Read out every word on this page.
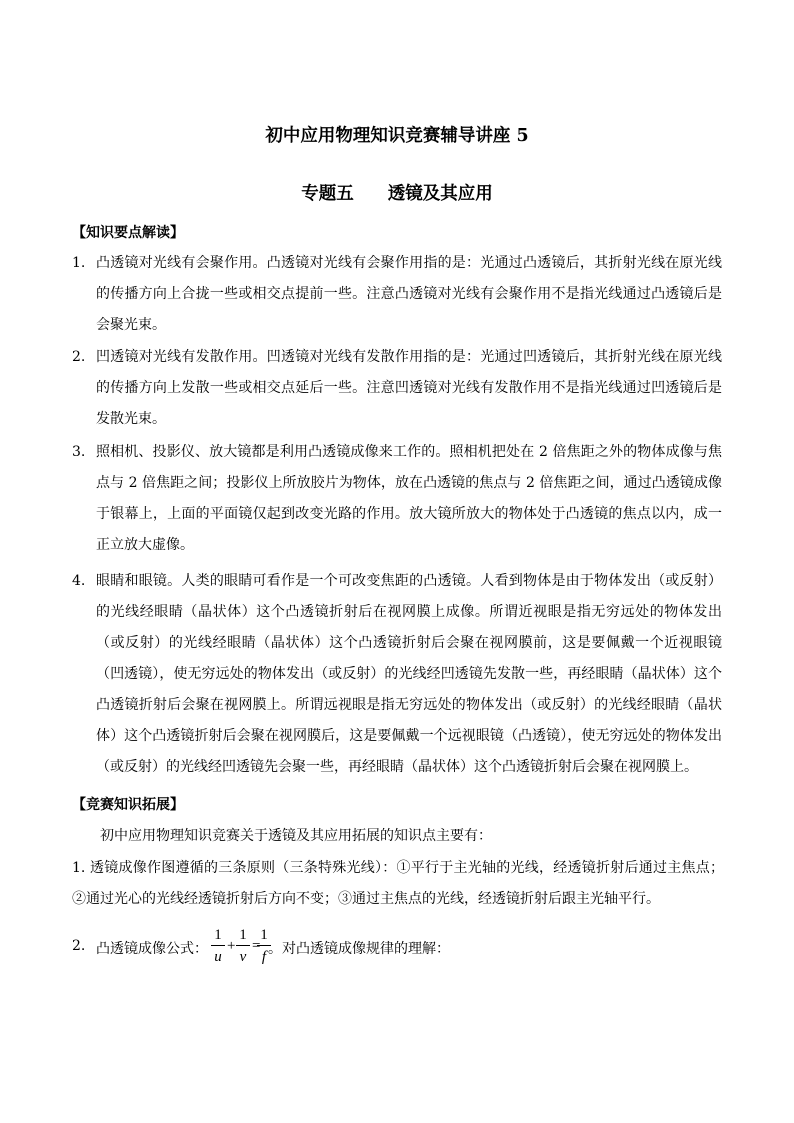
初中应用物理知识竞赛辅导讲座 5
专题五 透镜及其应用
【知识要点解读】
1. 凸透镜对光线有会聚作用。凸透镜对光线有会聚作用指的是：光通过凸透镜后，其折射光线在原光线的传播方向上合拢一些或相交点提前一些。注意凸透镜对光线有会聚作用不是指光线通过凸透镜后是会聚光束。
2. 凹透镜对光线有发散作用。凹透镜对光线有发散作用指的是：光通过凹透镜后，其折射光线在原光线的传播方向上发散一些或相交点延后一些。注意凹透镜对光线有发散作用不是指光线通过凹透镜后是发散光束。
3. 照相机、投影仪、放大镜都是利用凸透镜成像来工作的。照相机把处在 2 倍焦距之外的物体成像与焦点与 2 倍焦距之间；投影仪上所放胶片为物体，放在凸透镜的焦点与 2 倍焦距之间，通过凸透镜成像于银幕上，上面的平面镜仅起到改变光路的作用。放大镜所放大的物体处于凸透镜的焦点以内，成一正立放大虚像。
4. 眼睛和眼镜。人类的眼睛可看作是一个可改变焦距的凸透镜。人看到物体是由于物体发出（或反射）的光线经眼睛（晶状体）这个凸透镜折射后在视网膜上成像。所谓近视眼是指无穷远处的物体发出（或反射）的光线经眼睛（晶状体）这个凸透镜折射后会聚在视网膜前，这是要佩戴一个近视眼镜（凹透镜），使无穷远处的物体发出（或反射）的光线经凹透镜先发散一些，再经眼睛（晶状体）这个凸透镜折射后会聚在视网膜上。所谓远视眼是指无穷远处的物体发出（或反射）的光线经眼睛（晶状体）这个凸透镜折射后会聚在视网膜后，这是要佩戴一个远视眼镜（凸透镜），使无穷远处的物体发出（或反射）的光线经凹透镜先会聚一些，再经眼睛（晶状体）这个凸透镜折射后会聚在视网膜上。
【竞赛知识拓展】
初中应用物理知识竞赛关于透镜及其应用拓展的知识点主要有：
1. 透镜成像作图遵循的三条原则（三条特殊光线）：①平行于主光轴的光线，经透镜折射后通过主焦点；②通过光心的光线经透镜折射后方向不变；③通过主焦点的光线，经透镜折射后跟主光轴平行。
2. 凸透镜成像公式：
1
u
+
1
v
=
1
f 。对凸透镜成像规律的理解：
